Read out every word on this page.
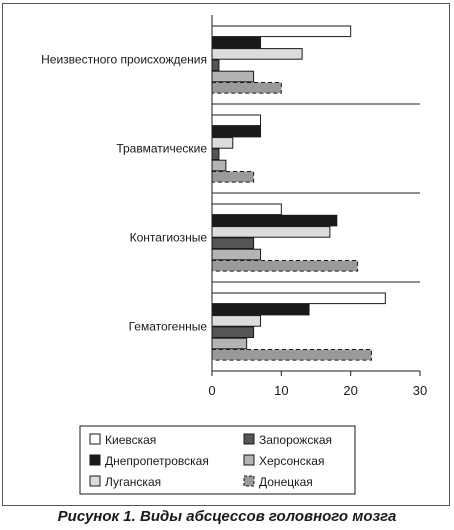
Неизвестного происхождения
Травматические
Контагиозные
Гематогенные
0	10	20	30
Киевская	Запорожская
Днепропетровская	Херсонская
Луганская	Донецкая
Рисунок 1. Виды абсцессов головного мозга
